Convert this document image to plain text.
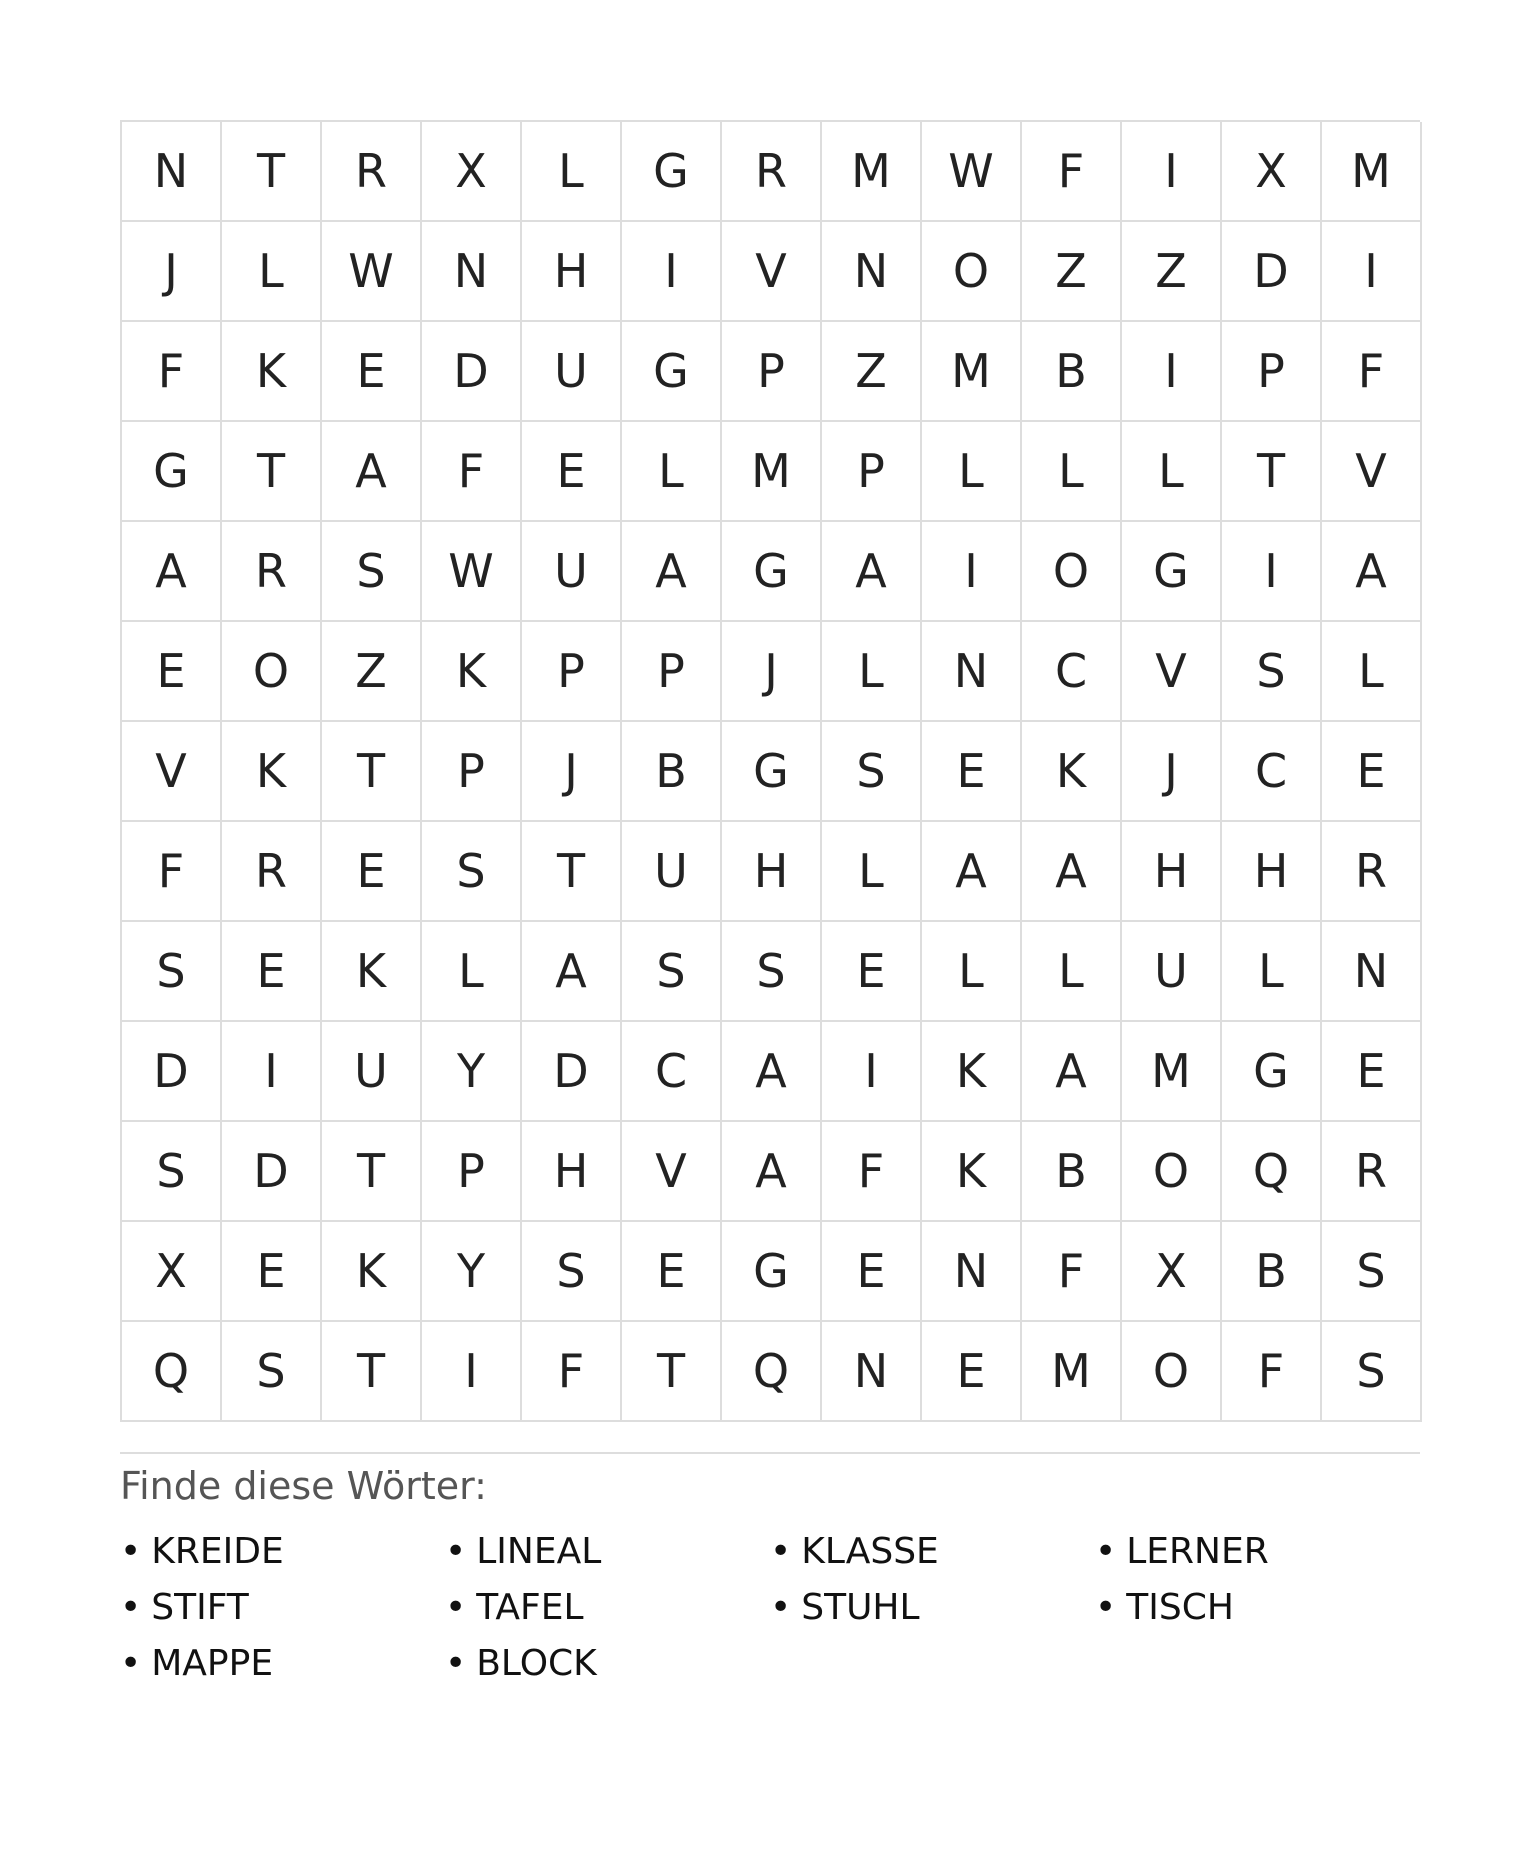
N	T	R	X	L	G	R	M	W	F	I	X	M
J	L	W	N	H	I	V	N	O	Z	Z	D	I
F	K	E	D	U	G	P	Z	M	B	I	P	F
G	T	A	F	E	L	M	P	L	L	L	T	V
A	R	S	W	U	A	G	A	I	O	G	I	A
E	O	Z	K	P	P	J	L	N	C	V	S	L
V	K	T	P	J	B	G	S	E	K	J	C	E
F	R	E	S	T	U	H	L	A	A	H	H	R
S	E	K	L	A	S	S	E	L	L	U	L	N
D	I	U	Y	D	C	A	I	K	A	M	G	E
S	D	T	P	H	V	A	F	K	B	O	Q	R
X	E	K	Y	S	E	G	E	N	F	X	B	S
Q	S	T	I	F	T	Q	N	E	M	O	F	S
Finde diese Wörter:
• KREIDE	• LINEAL	• KLASSE	• LERNER
• STIFT	• TAFEL	• STUHL	• TISCH
• MAPPE	• BLOCK
